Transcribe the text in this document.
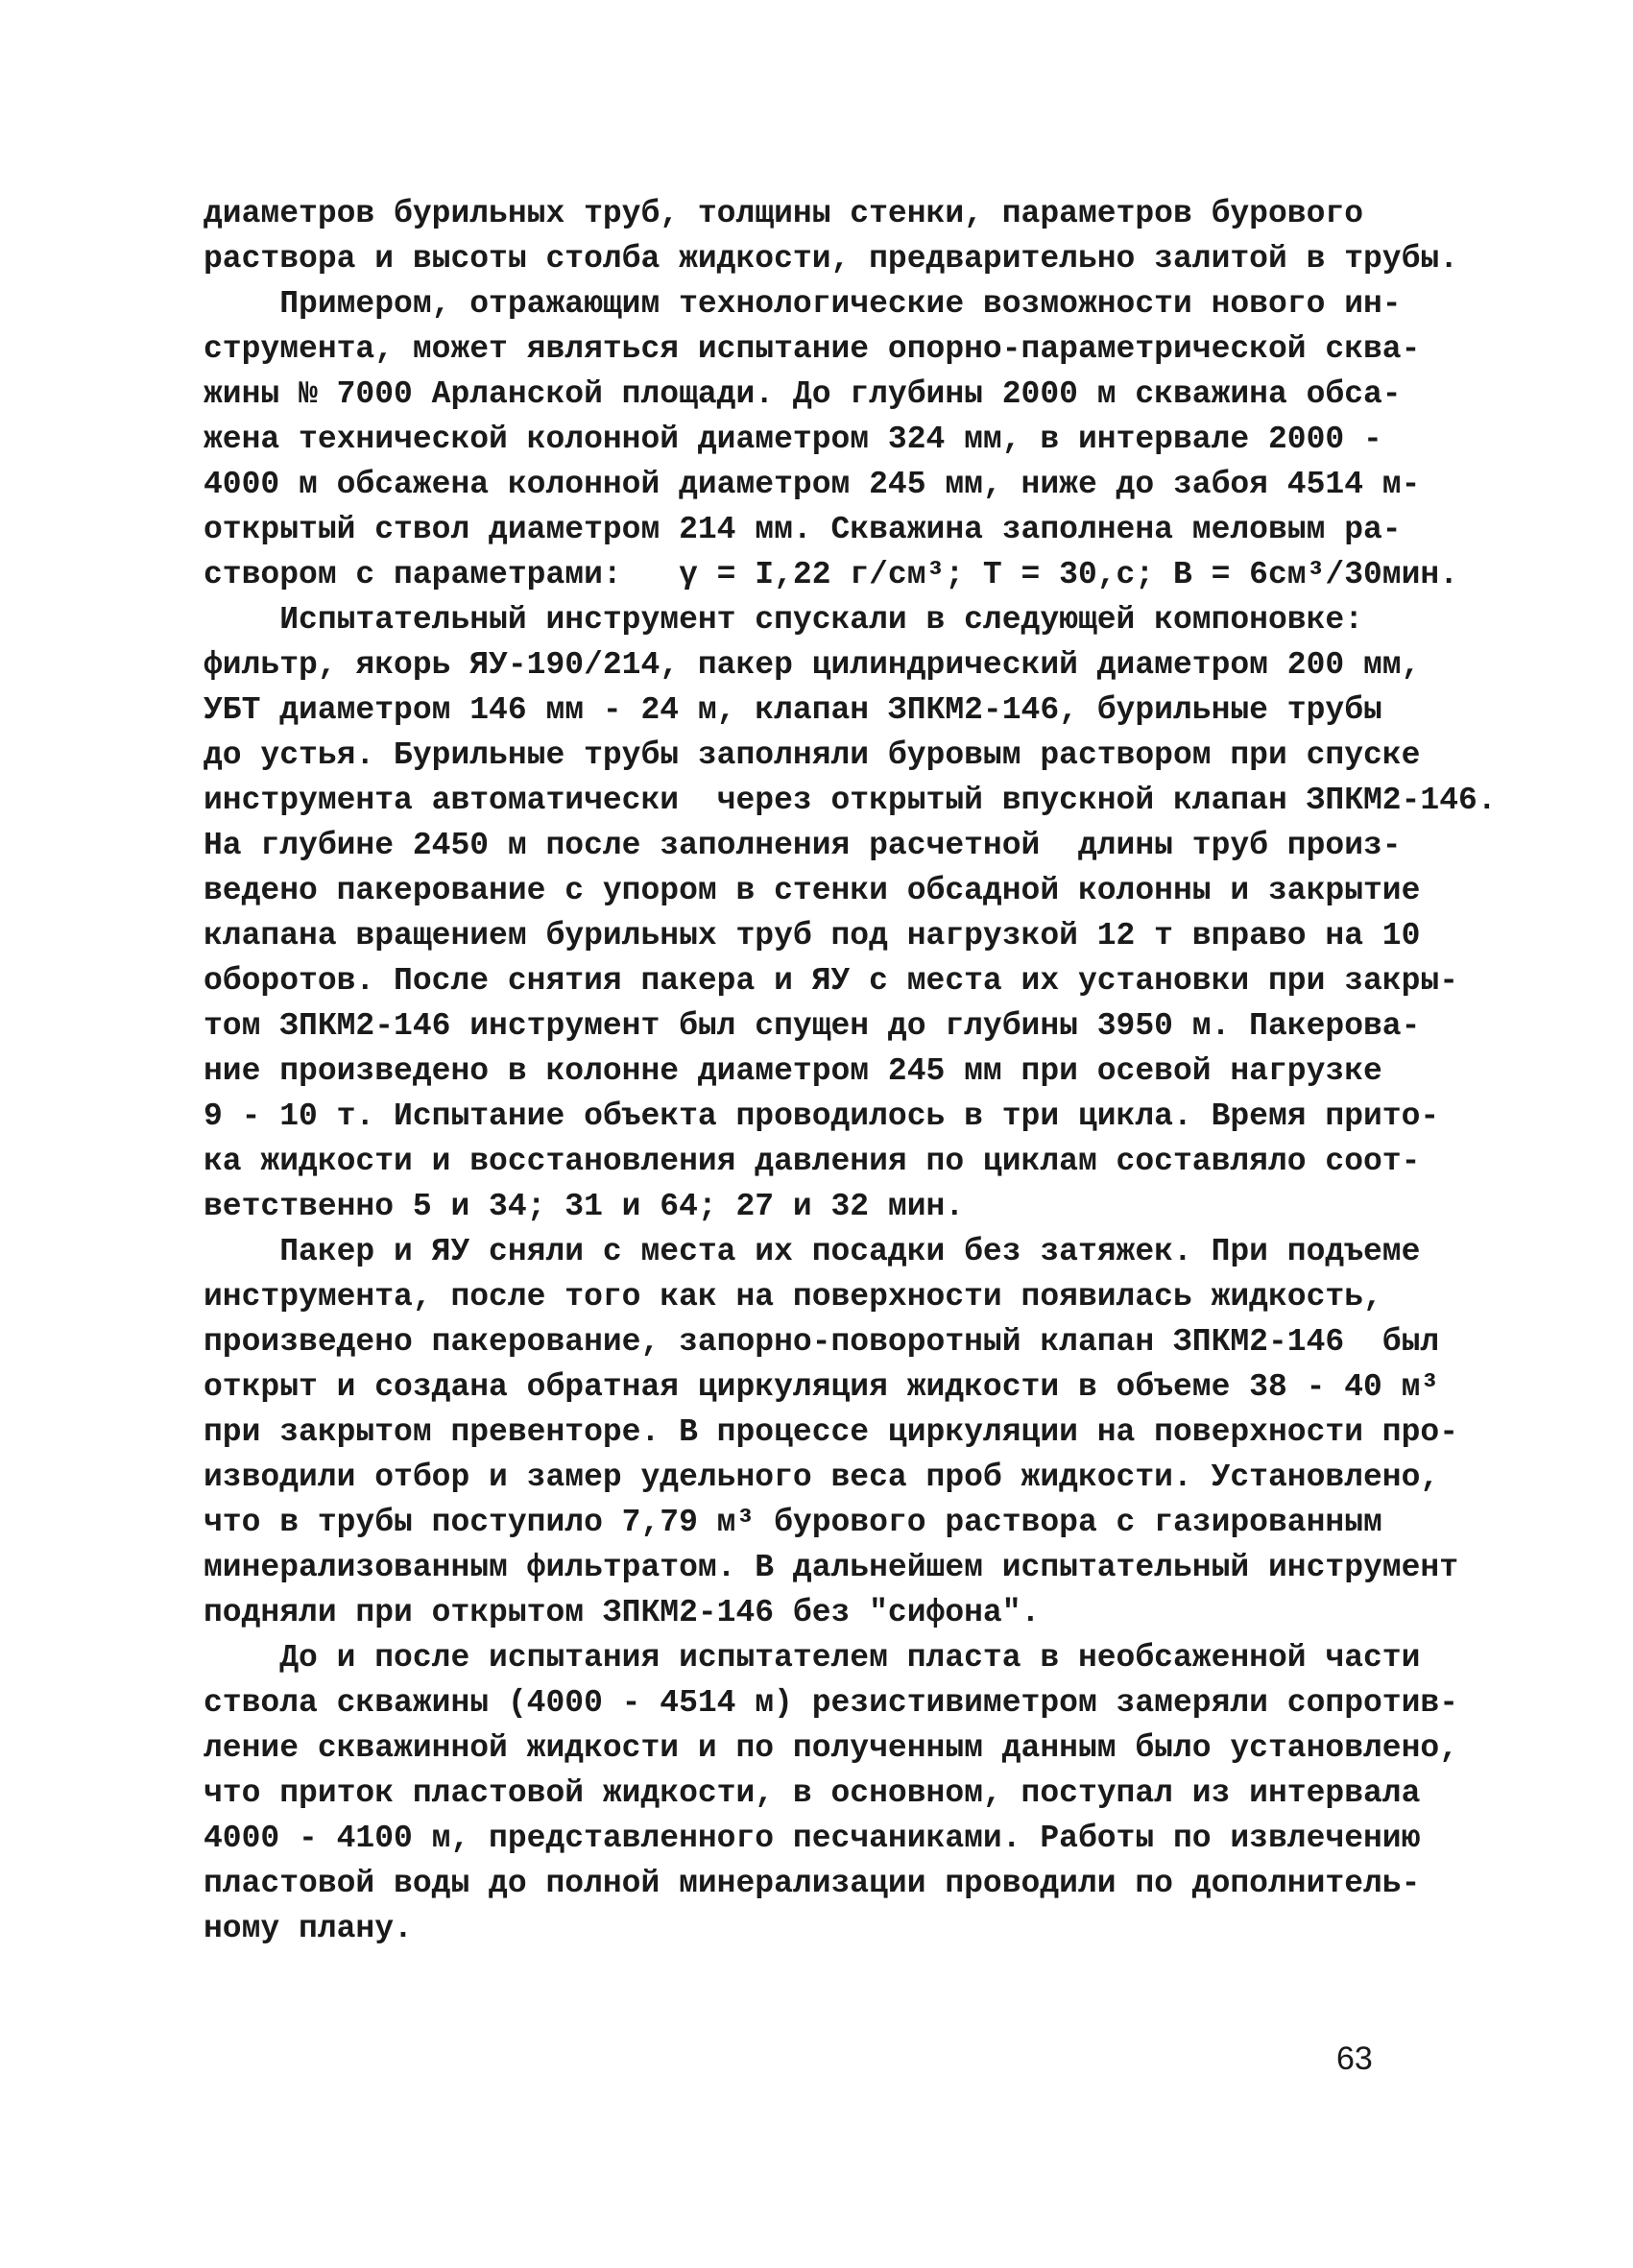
диаметров бурильных труб, толщины стенки, параметров бурового
раствора и высоты столба жидкости, предварительно залитой в трубы.
Примером, отражающим технологические возможности нового ин-
струмента, может являться испытание опорно-параметрической сква-
жины № 7000 Арланской площади. До глубины 2000 м скважина обса-
жена технической колонной диаметром 324 мм, в интервале 2000 -
4000 м обсажена колонной диаметром 245 мм, ниже до забоя 4514 м-
открытый ствол диаметром 214 мм. Скважина заполнена меловым ра-
створом с параметрами:   γ = I,22 г/см³; Т = 30,с; В = 6см³/30мин.
Испытательный инструмент спускали в следующей компоновке:
фильтр, якорь ЯУ-190/214, пакер цилиндрический диаметром 200 мм,
УБТ диаметром 146 мм - 24 м, клапан ЗПКМ2-146, бурильные трубы
до устья. Бурильные трубы заполняли буровым раствором при спуске
инструмента автоматически  через открытый впускной клапан ЗПКМ2-146.
На глубине 2450 м после заполнения расчетной  длины труб произ-
ведено пакерование с упором в стенки обсадной колонны и закрытие
клапана вращением бурильных труб под нагрузкой 12 т вправо на 10
оборотов. После снятия пакера и ЯУ с места их установки при закры-
том ЗПКМ2-146 инструмент был спущен до глубины 3950 м. Пакерова-
ние произведено в колонне диаметром 245 мм при осевой нагрузке
9 - 10 т. Испытание объекта проводилось в три цикла. Время прито-
ка жидкости и восстановления давления по циклам составляло соот-
ветственно 5 и 34; 31 и 64; 27 и 32 мин.
Пакер и ЯУ сняли с места их посадки без затяжек. При подъеме
инструмента, после того как на поверхности появилась жидкость,
произведено пакерование, запорно-поворотный клапан ЗПКМ2-146  был
открыт и создана обратная циркуляция жидкости в объеме 38 - 40 м³
при закрытом превенторе. В процессе циркуляции на поверхности про-
изводили отбор и замер удельного веса проб жидкости. Установлено,
что в трубы поступило 7,79 м³ бурового раствора с газированным
минерализованным фильтратом. В дальнейшем испытательный инструмент
подняли при открытом ЗПКМ2-146 без "сифона".
До и после испытания испытателем пласта в необсаженной части
ствола скважины (4000 - 4514 м) резистивиметром замеряли сопротив-
ление скважинной жидкости и по полученным данным было установлено,
что приток пластовой жидкости, в основном, поступал из интервала
4000 - 4100 м, представленного песчаниками. Работы по извлечению
пластовой воды до полной минерализации проводили по дополнитель-
ному плану.
63
